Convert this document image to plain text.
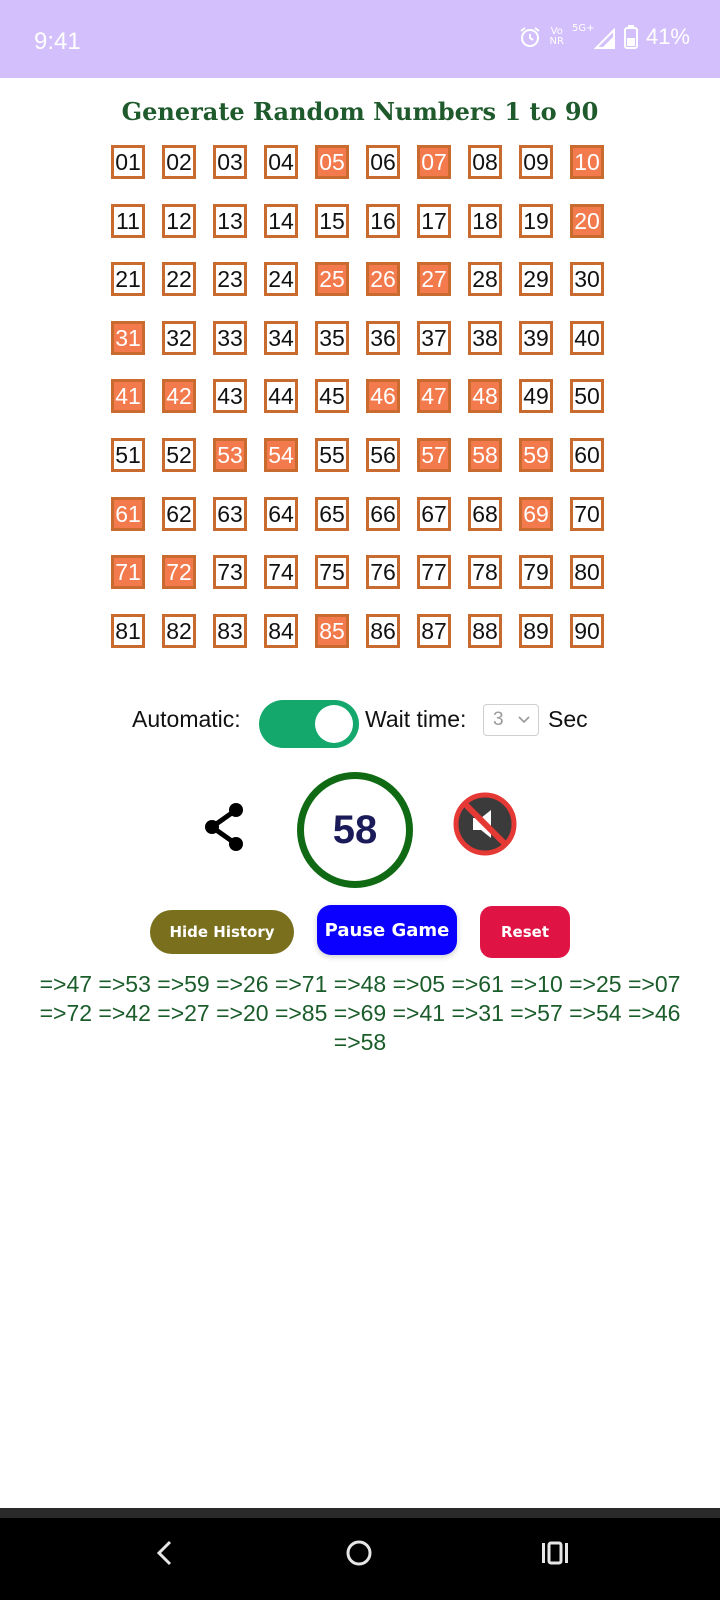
9:41	Vo
NR
5G+ 41%
Generate Random Numbers 1 to 90
01 02 03 04 05 06 07 08 09 10
11 12 13 14 15 16 17 18 19 20
21 22 23 24 25 26 27 28 29 30
31 32 33 34 35 36 37 38 39 40
41 42 43 44 45 46 47 48 49 50
51 52 53 54 55 56 57 58 59 60
61 62 63 64 65 66 67 68 69 70
71 72 73 74 75 76 77 78 79 80
81 82 83 84 85 86 87 88 89 90
Automatic:	Wait time: 3 Sec
58
Hide History	Pause Game	Reset
=>47 =>53 =>59 =>26 =>71 =>48 =>05 =>61 =>10 =>25 =>07 =>72 =>42 =>27 =>20 =>85 =>69 =>41 =>31 =>57 =>54 =>46 =>58
